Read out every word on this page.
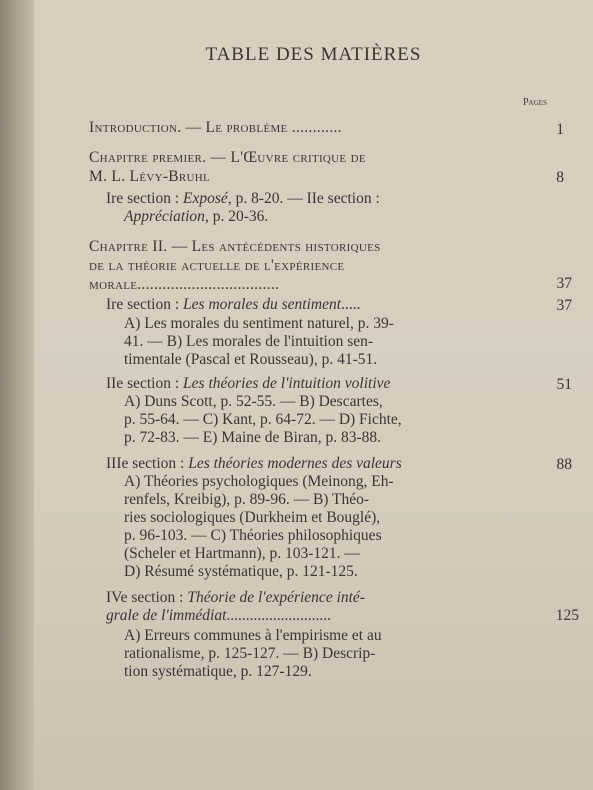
TABLE DES MATIÈRES
Pages
Introduction. — Le problème ............	1
Chapitre premier. — L'Œuvre critique de
M. L. Lévy-Bruhl	8
Ire section : Exposé, p. 8-20. — IIe section :
Appréciation, p. 20-36.
Chapitre II. — Les antécédents historiques
de la théorie actuelle de l'expérience
morale..................................	37
Ire section : Les morales du sentiment.....	37
A) Les morales du sentiment naturel, p. 39-
41. — B) Les morales de l'intuition sen-
timentale (Pascal et Rousseau), p. 41-51.
IIe section : Les théories de l'intuition volitive	51
A) Duns Scott, p. 52-55. — B) Descartes,
p. 55-64. — C) Kant, p. 64-72. — D) Fichte,
p. 72-83. — E) Maine de Biran, p. 83-88.
IIIe section : Les théories modernes des valeurs	88
A) Théories psychologiques (Meinong, Eh-
renfels, Kreibig), p. 89-96. — B) Théo-
ries sociologiques (Durkheim et Bouglé),
p. 96-103. — C) Théories philosophiques
(Scheler et Hartmann), p. 103-121. —
D) Résumé systématique, p. 121-125.
IVe section : Théorie de l'expérience inté-
grale de l'immédiat...........................	125
A) Erreurs communes à l'empirisme et au
rationalisme, p. 125-127. — B) Descrip-
tion systématique, p. 127-129.
